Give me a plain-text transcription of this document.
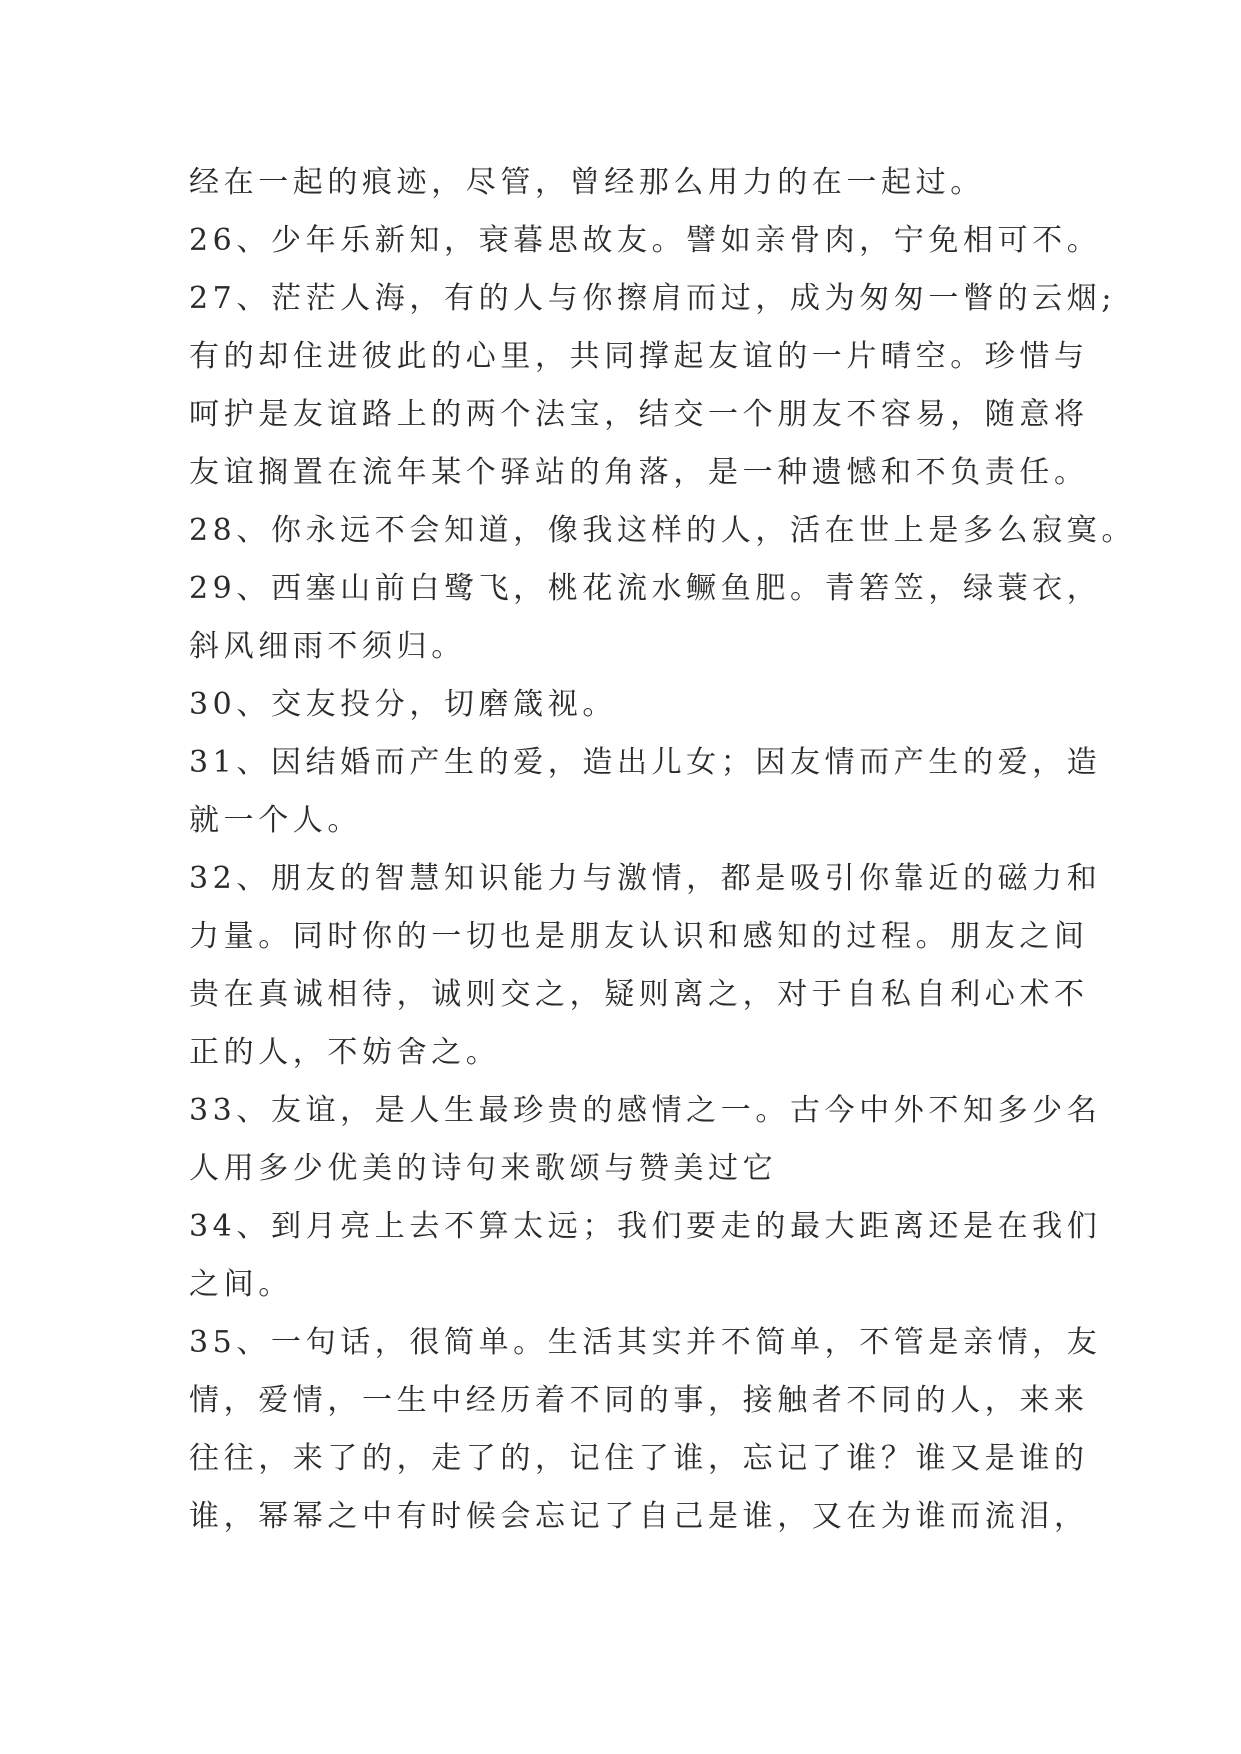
经在一起的痕迹，尽管，曾经那么用力的在一起过。
26、少年乐新知，衰暮思故友。譬如亲骨肉，宁免相可不。
27、茫茫人海，有的人与你擦肩而过，成为匆匆一瞥的云烟;
有的却住进彼此的心里，共同撑起友谊的一片晴空。珍惜与
呵护是友谊路上的两个法宝，结交一个朋友不容易，随意将
友谊搁置在流年某个驿站的角落，是一种遗憾和不负责任。
28、你永远不会知道，像我这样的人，活在世上是多么寂寞。
29、西塞山前白鹭飞，桃花流水鳜鱼肥。青箬笠，绿蓑衣，
斜风细雨不须归。
30、交友投分，切磨箴视。
31、因结婚而产生的爱，造出儿女；因友情而产生的爱，造
就一个人。
32、朋友的智慧知识能力与激情，都是吸引你靠近的磁力和
力量。同时你的一切也是朋友认识和感知的过程。朋友之间
贵在真诚相待，诚则交之，疑则离之，对于自私自利心术不
正的人，不妨舍之。
33、友谊，是人生最珍贵的感情之一。古今中外不知多少名
人用多少优美的诗句来歌颂与赞美过它
34、到月亮上去不算太远；我们要走的最大距离还是在我们
之间。
35、一句话，很简单。生活其实并不简单，不管是亲情，友
情，爱情，一生中经历着不同的事，接触者不同的人，来来
往往，来了的，走了的，记住了谁，忘记了谁？谁又是谁的
谁，幂幂之中有时候会忘记了自己是谁，又在为谁而流泪，
